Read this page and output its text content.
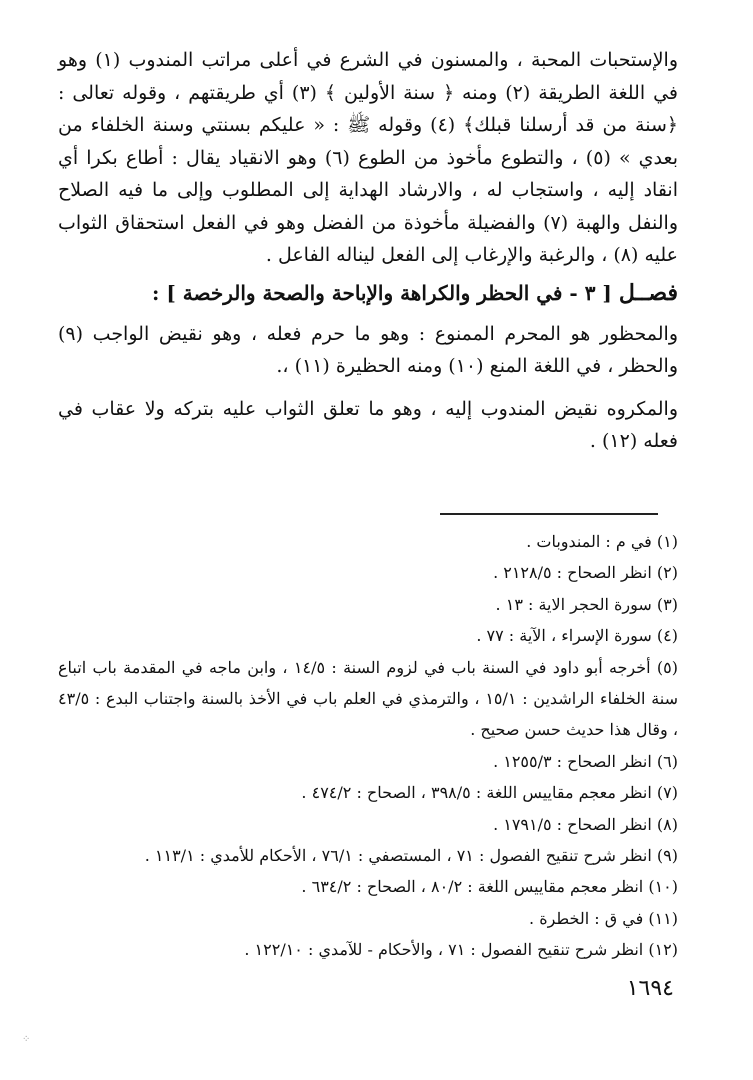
والإستحبات المحبة ، والمسنون في الشرع في أعلى مراتب المندوب (١) وهو في اللغة الطريقة (٢) ومنه ﴿ سنة الأولين ﴾ (٣) أي طريقتهم ، وقوله تعالى : ﴿سنة من قد أرسلنا قبلك﴾ (٤) وقوله ﷺ : « عليكم بسنتي وسنة الخلفاء من بعدي » (٥) ، والتطوع مأخوذ من الطوع (٦) وهو الانقياد يقال : أطاع بكرا أي انقاد إليه ، واستجاب له ، والارشاد الهداية إلى المطلوب وإلى ما فيه الصلاح والنفل والهبة (٧) والفضيلة مأخوذة من الفضل وهو في الفعل استحقاق الثواب عليه (٨) ، والرغبة والإرغاب إلى الفعل ليناله الفاعل .

فصــل [ ٣ - في الحظر والكراهة والإباحة والصحة والرخصة ] :

والمحظور هو المحرم الممنوع : وهو ما حرم فعله ، وهو نقيض الواجب (٩) والحظر ، في اللغة المنع (١٠) ومنه الحظيرة (١١) ،.

والمكروه نقيض المندوب إليه ، وهو ما تعلق الثواب عليه بتركه ولا عقاب في فعله (١٢) .

(١) في م : المندوبات .

(٢) انظر الصحاح : ٢١٢٨/٥ .

(٣) سورة الحجر الاية : ١٣ .

(٤) سورة الإسراء ، الآية : ٧٧ .

(٥) أخرجه أبو داود في السنة باب في لزوم السنة : ١٤/٥ ، وابن ماجه في المقدمة باب اتباع سنة الخلفاء الراشدين : ١٥/١ ، والترمذي في العلم باب في الأخذ بالسنة واجتناب البدع : ٤٣/٥ ، وقال هذا حديث حسن صحيح .

(٦) انظر الصحاح : ١٢٥٥/٣ .

(٧) انظر معجم مقاييس اللغة : ٣٩٨/٥ ، الصحاح : ٤٧٤/٢ .

(٨) انظر الصحاح : ١٧٩١/٥ .

(٩) انظر شرح تنقيح الفصول : ٧١ ، المستصفي : ٧٦/١ ، الأحكام للأمدي : ١١٣/١ .

(١٠) انظر معجم مقاييس اللغة : ٨٠/٢ ، الصحاح : ٦٣٤/٢ .

(١١) في ق : الخطرة .

(١٢) انظر شرح تنقيح الفصول : ٧١ ، والأحكام - للآمدي : ١٢٢/١٠ .

١٦٩٤
⁘
